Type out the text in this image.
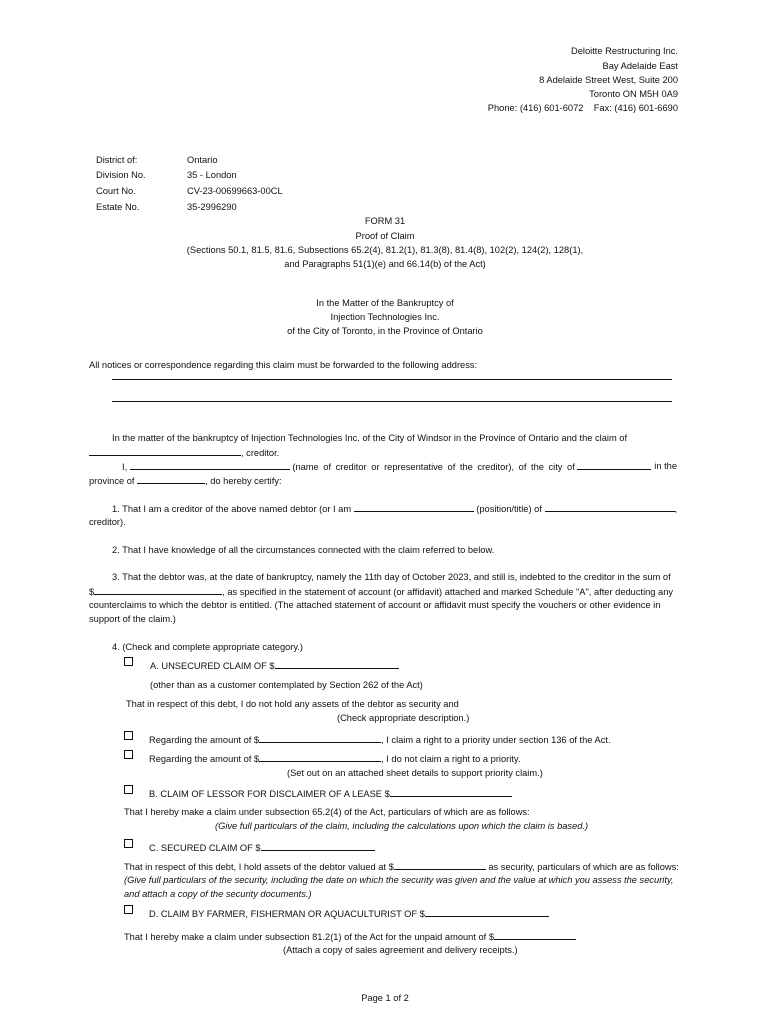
Deloitte Restructuring Inc.
Bay Adelaide East
8 Adelaide Street West, Suite 200
Toronto ON M5H 0A9
Phone: (416) 601-6072    Fax: (416) 601-6690
District of:	Ontario
Division No.	35 - London
Court No.	CV-23-00699663-00CL
Estate No.	35-2996290
FORM 31
Proof of Claim
(Sections 50.1, 81.5, 81.6, Subsections 65.2(4), 81.2(1), 81.3(8), 81.4(8), 102(2), 124(2), 128(1),
and Paragraphs 51(1)(e) and 66.14(b) of the Act)
In the Matter of the Bankruptcy of
Injection Technologies Inc.
of the City of Toronto, in the Province of Ontario
All notices or correspondence regarding this claim must be forwarded to the following address:
In the matter of the bankruptcy of Injection Technologies Inc. of the City of Windsor in the Province of Ontario and the claim of
, creditor.
I,	(name of creditor or representative of the creditor), of the city of	in the
province of	, do hereby certify:
1. That I am a creditor of the above named debtor (or I am	(position/title) of	,
creditor).
2. That I have knowledge of all the circumstances connected with the claim referred to below.
3. That the debtor was, at the date of bankruptcy, namely the 11th day of October 2023, and still is, indebted to the creditor in the sum of
$	, as specified in the statement of account (or affidavit) attached and marked Schedule "A", after deducting any
counterclaims to which the debtor is entitled. (The attached statement of account or affidavit must specify the vouchers or other evidence in
support of the claim.)
4. (Check and complete appropriate category.)
A. UNSECURED CLAIM OF $
(other than as a customer contemplated by Section 262 of the Act)
That in respect of this debt, I do not hold any assets of the debtor as security and
(Check appropriate description.)
Regarding the amount of $	, I claim a right to a priority under section 136 of the Act.
Regarding the amount of $	, I do not claim a right to a priority.
(Set out on an attached sheet details to support priority claim.)
B. CLAIM OF LESSOR FOR DISCLAIMER OF A LEASE $
That I hereby make a claim under subsection 65.2(4) of the Act, particulars of which are as follows:
(Give full particulars of the claim, including the calculations upon which the claim is based.)
C. SECURED CLAIM OF $
That in respect of this debt, I hold assets of the debtor valued at $	as security, particulars of which are as follows:
(Give full particulars of the security, including the date on which the security was given and the value at which you assess the security,
and attach a copy of the security documents.)
D. CLAIM BY FARMER, FISHERMAN OR AQUACULTURIST OF $
That I hereby make a claim under subsection 81.2(1) of the Act for the unpaid amount of $
(Attach a copy of sales agreement and delivery receipts.)
Page 1 of 2
